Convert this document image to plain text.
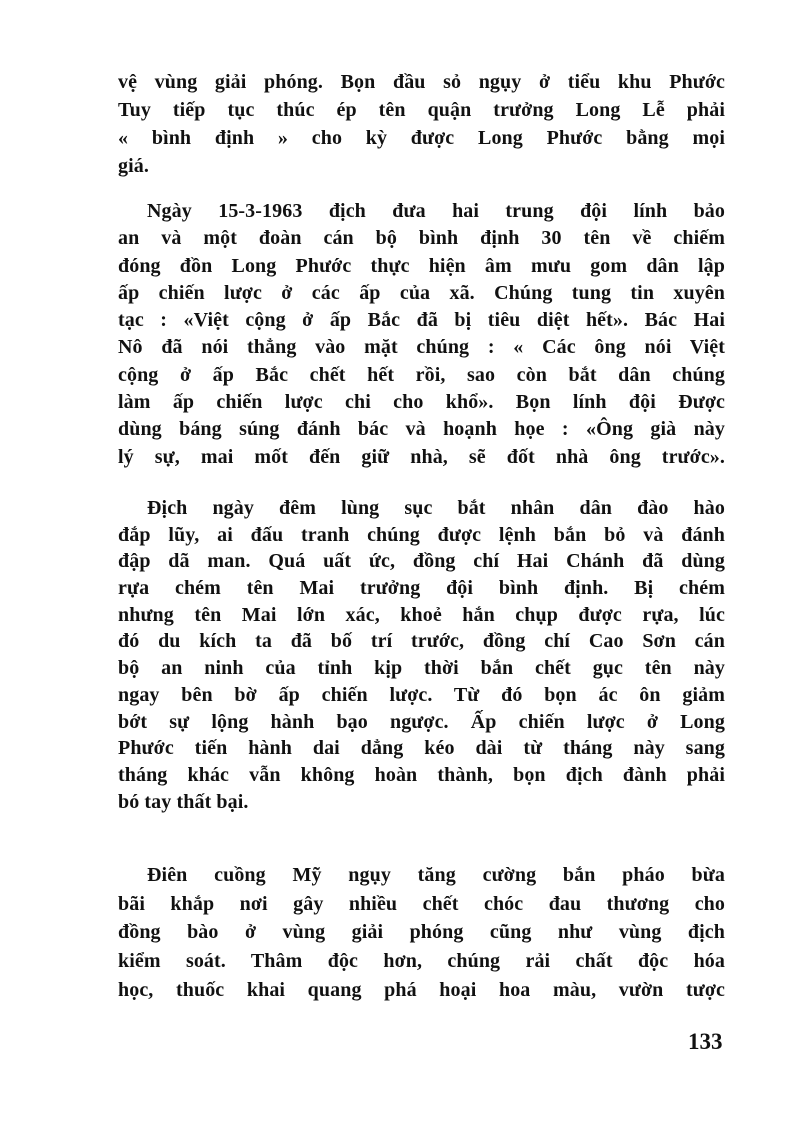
vệ vùng giải phóng. Bọn đầu sỏ ngụy ở tiểu khu Phước
Tuy tiếp tục thúc ép tên quận trưởng Long Lễ phải
« bình định » cho kỳ được Long Phước bằng mọi
giá.
Ngày 15-3-1963 địch đưa hai trung đội lính bảo
an và một đoàn cán bộ bình định 30 tên về chiếm
đóng đồn Long Phước thực hiện âm mưu gom dân lập
ấp chiến lược ở các ấp của xã. Chúng tung tin xuyên
tạc : «Việt cộng ở ấp Bắc đã bị tiêu diệt hết». Bác Hai
Nô đã nói thẳng vào mặt chúng : « Các ông nói Việt
cộng ở ấp Bắc chết hết rồi, sao còn bắt dân chúng
làm ấp chiến lược chi cho khổ». Bọn lính đội Được
dùng báng súng đánh bác và hoạnh họe : «Ông già này
lý sự, mai mốt đến giữ nhà, sẽ đốt nhà ông trước».
Địch ngày đêm lùng sục bắt nhân dân đào hào
đắp lũy, ai đấu tranh chúng được lệnh bắn bỏ và đánh
đập dã man. Quá uất ức, đồng chí Hai Chánh đã dùng
rựa chém tên Mai trưởng đội bình định. Bị chém
nhưng tên Mai lớn xác, khoẻ hắn chụp được rựa, lúc
đó du kích ta đã bố trí trước, đồng chí Cao Sơn cán
bộ an ninh của tỉnh kịp thời bắn chết gục tên này
ngay bên bờ ấp chiến lược. Từ đó bọn ác ôn giảm
bớt sự lộng hành bạo ngược. Ấp chiến lược ở Long
Phước tiến hành dai dẳng kéo dài từ tháng này sang
tháng khác vẫn không hoàn thành, bọn địch đành phải
bó tay thất bại.
Điên cuồng Mỹ ngụy tăng cường bắn pháo bừa
bãi khắp nơi gây nhiều chết chóc đau thương cho
đồng bào ở vùng giải phóng cũng như vùng địch
kiểm soát. Thâm độc hơn, chúng rải chất độc hóa
học, thuốc khai quang phá hoại hoa màu, vườn tược
133
